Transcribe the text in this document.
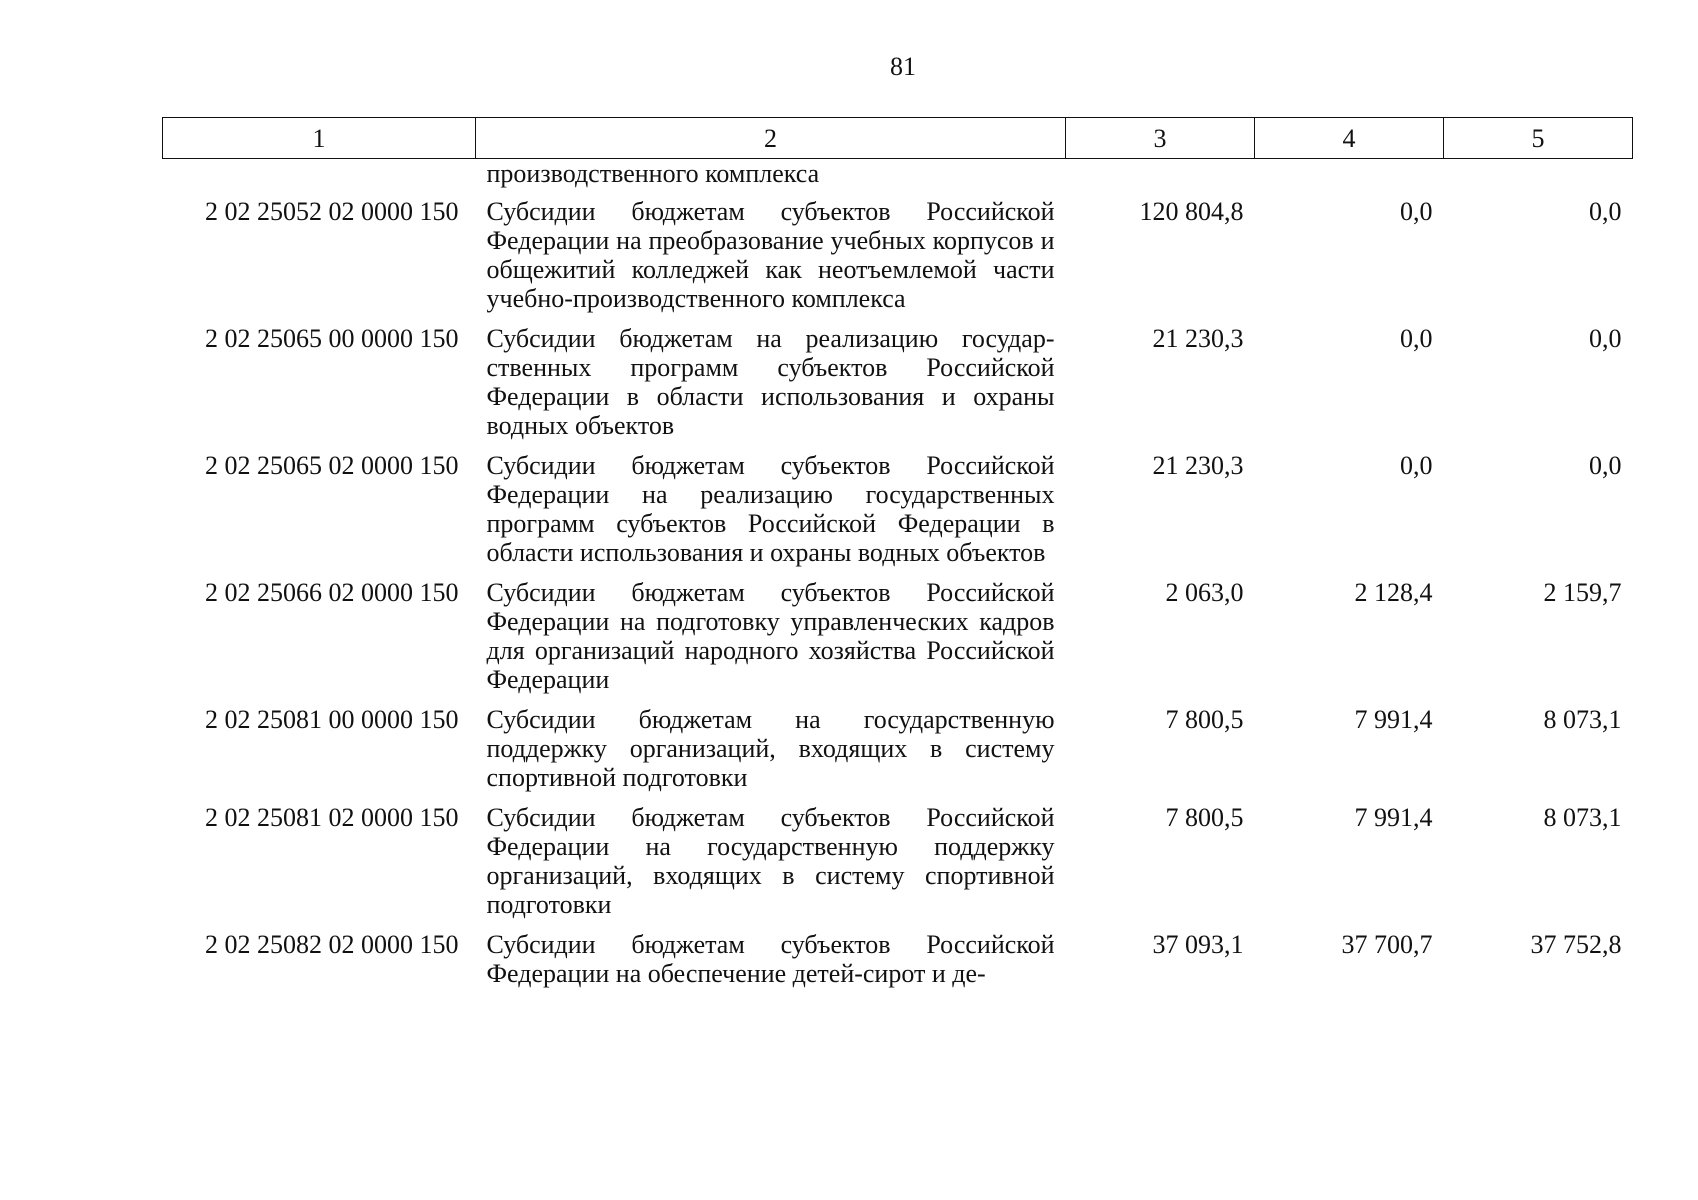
81
1	2	3	4	5
	производственного комплекса			
2 02 25052 02 0000 150	Субсидии бюджетам субъектов Российской Федерации на преобразование учебных корпусов и общежитий колледжей как неотъемлемой части учебно-производственного комплекса	120 804,8	0,0	0,0
2 02 25065 00 0000 150	Субсидии бюджетам на реализацию государственных программ субъектов Российской Федерации в области использования и охраны водных объектов	21 230,3	0,0	0,0
2 02 25065 02 0000 150	Субсидии бюджетам субъектов Российской Федерации на реализацию государственных программ субъектов Российской Федерации в области использования и охраны водных объектов	21 230,3	0,0	0,0
2 02 25066 02 0000 150	Субсидии бюджетам субъектов Российской Федерации на подготовку управленческих кадров для организаций народного хозяйства Российской Федерации	2 063,0	2 128,4	2 159,7
2 02 25081 00 0000 150	Субсидии бюджетам на государственную поддержку организаций, входящих в систему спортивной подготовки	7 800,5	7 991,4	8 073,1
2 02 25081 02 0000 150	Субсидии бюджетам субъектов Российской Федерации на государственную поддержку организаций, входящих в систему спортивной подготовки	7 800,5	7 991,4	8 073,1
2 02 25082 02 0000 150	Субсидии бюджетам субъектов Российской Федерации на обеспечение детей-сирот и де-	37 093,1	37 700,7	37 752,8
